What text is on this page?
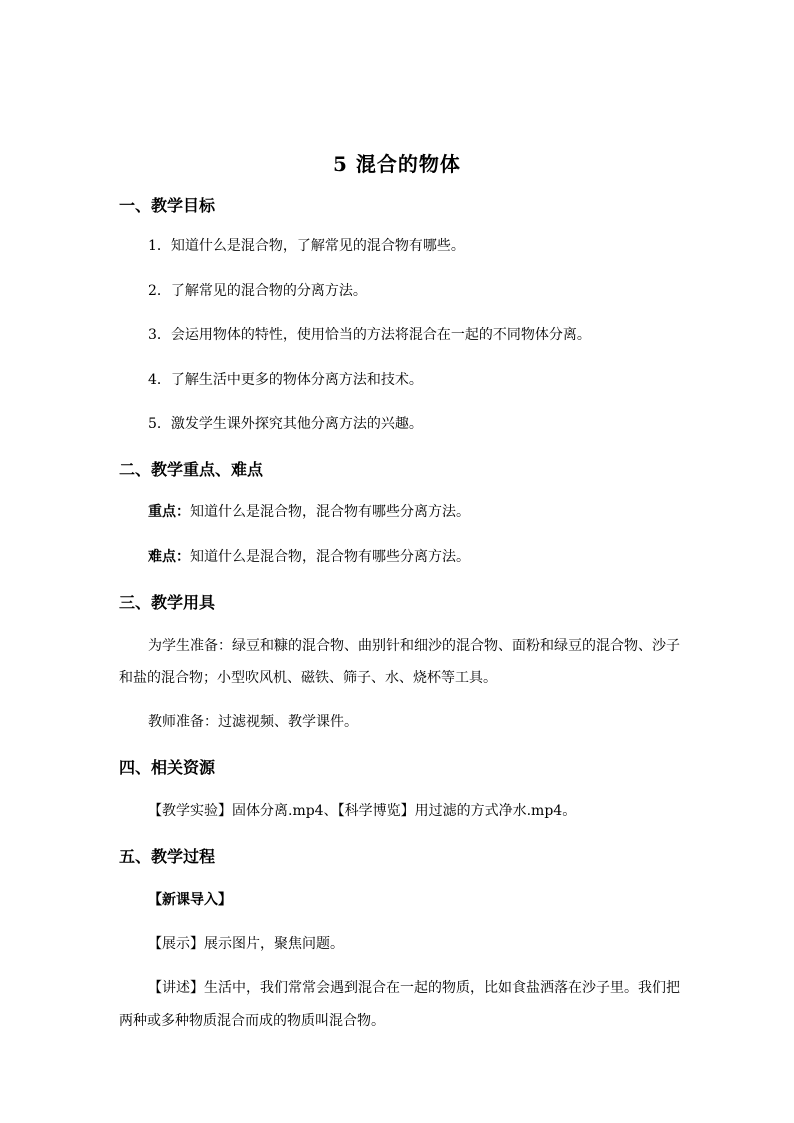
5 混合的物体
一、教学目标
1．知道什么是混合物，了解常见的混合物有哪些。
2．了解常见的混合物的分离方法。
3．会运用物体的特性，使用恰当的方法将混合在一起的不同物体分离。
4．了解生活中更多的物体分离方法和技术。
5．激发学生课外探究其他分离方法的兴趣。
二、教学重点、难点
重点：知道什么是混合物，混合物有哪些分离方法。
难点：知道什么是混合物，混合物有哪些分离方法。
三、教学用具
为学生准备：绿豆和糠的混合物、曲别针和细沙的混合物、面粉和绿豆的混合物、沙子
和盐的混合物；小型吹风机、磁铁、筛子、水、烧杯等工具。
教师准备：过滤视频、教学课件。
四、相关资源
【教学实验】固体分离.mp4、【科学博览】用过滤的方式净水.mp4。
五、教学过程
【新课导入】
【展示】展示图片，聚焦问题。
【讲述】生活中，我们常常会遇到混合在一起的物质，比如食盐洒落在沙子里。我们把
两种或多种物质混合而成的物质叫混合物。
